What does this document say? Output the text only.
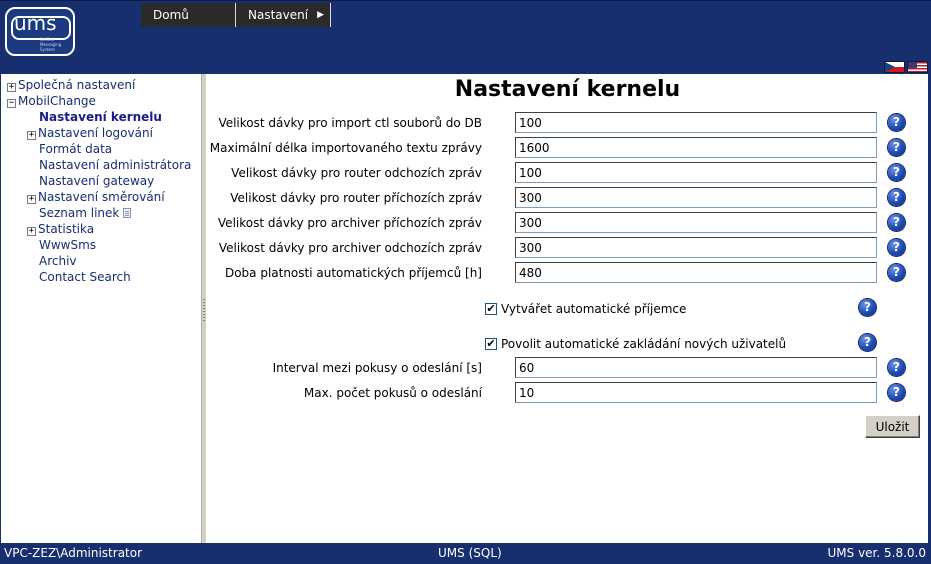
ums
Unified Messaging System
Domů	Nastavení ▶
+ Společná nastavení
− MobilChange
Nastavení kernelu
+ Nastavení logování
Formát data
Nastavení administrátora
Nastavení gateway
+ Nastavení směrování
Seznam linek
+ Statistika
WwwSms
Archiv
Contact Search
Nastavení kernelu
Velikost dávky pro import ctl souborů do DB
100	?
Maximální délka importovaného textu zprávy
1600	?
Velikost dávky pro router odchozích zpráv
100	?
Velikost dávky pro router příchozích zpráv
300	?
Velikost dávky pro archiver příchozích zpráv
300	?
Velikost dávky pro archiver odchozích zpráv
300	?
Doba platnosti automatických příjemců [h]
480	?
✔ Vytvářet automatické příjemce	?
✔ Povolit automatické zakládání nových uživatelů	?
Interval mezi pokusy o odeslání [s]
60	?
Max. počet pokusů o odeslání
10	?
Uložit
VPC-ZEZ\Administrator	UMS (SQL)	UMS ver. 5.8.0.0
